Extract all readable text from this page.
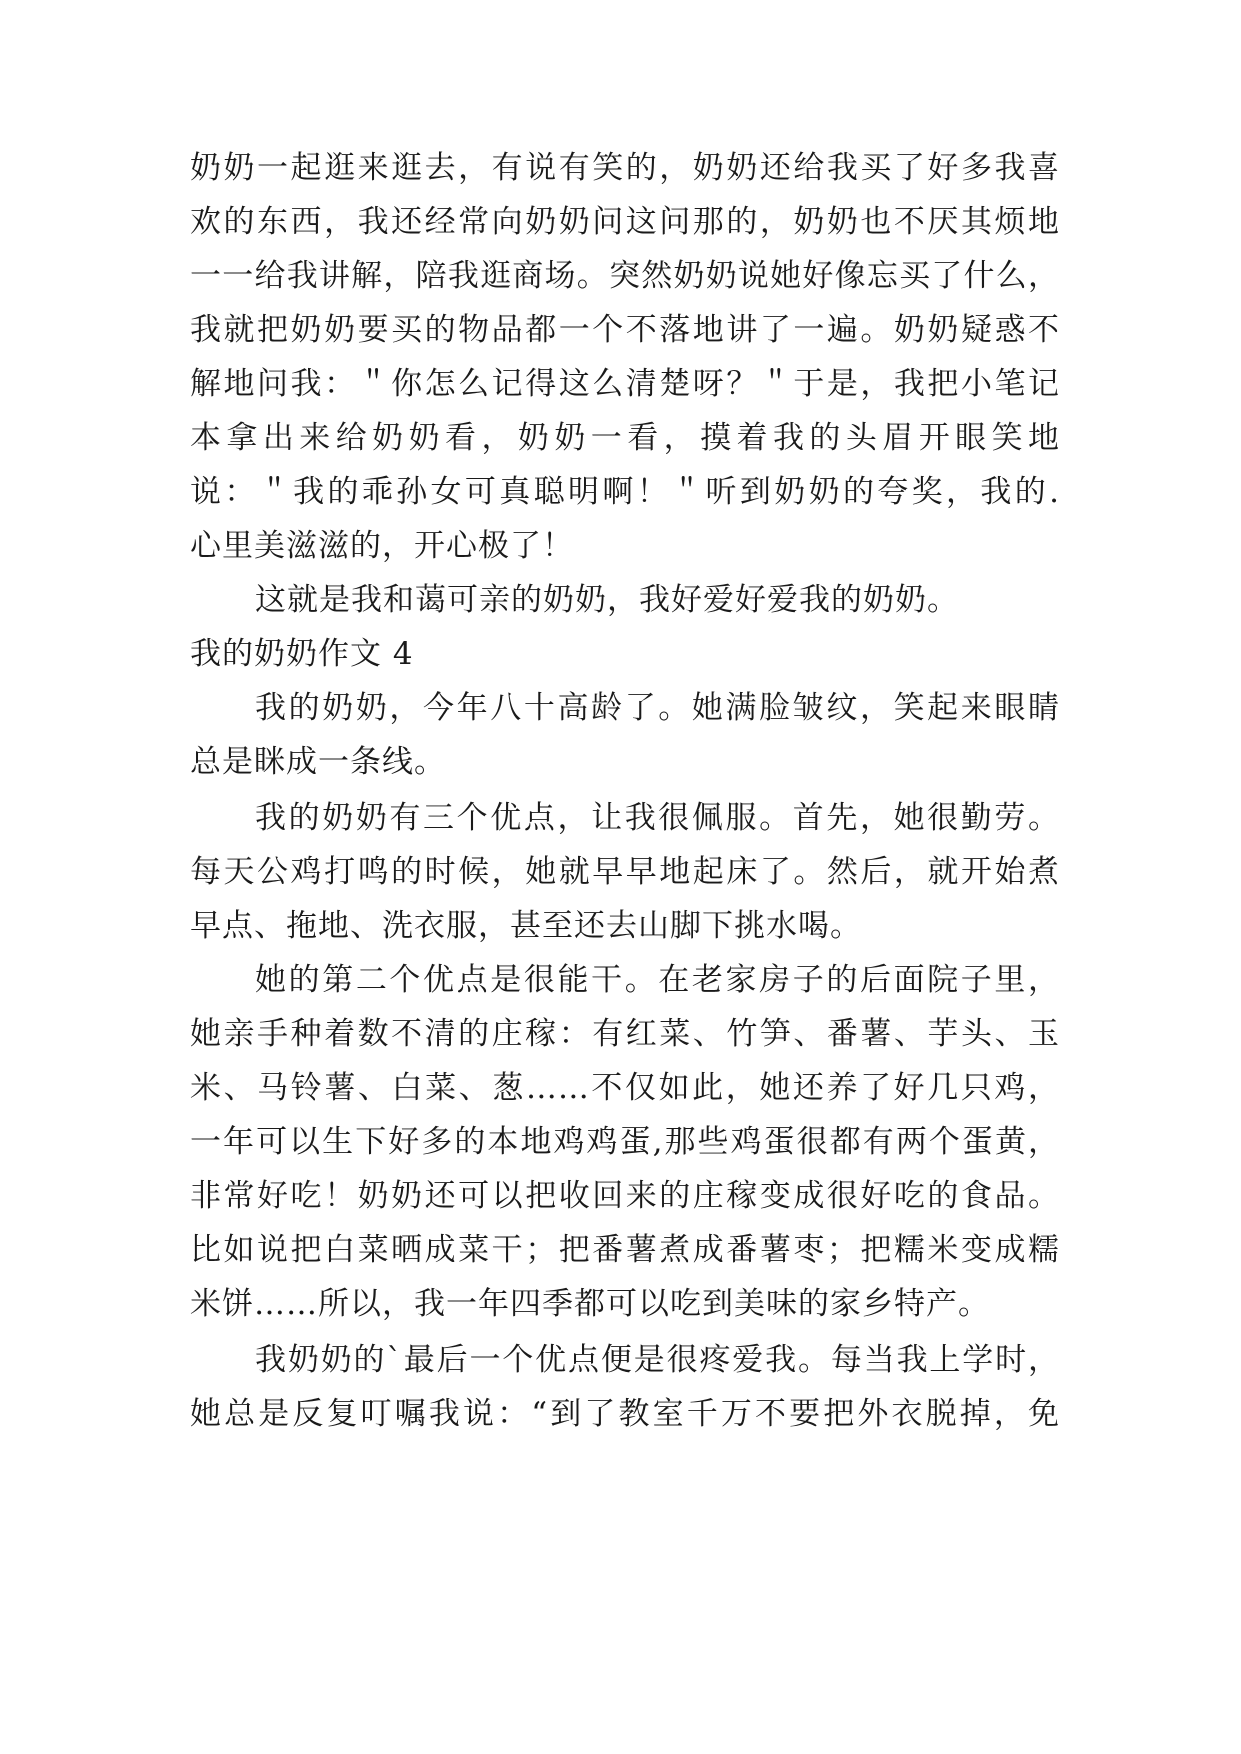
奶奶一起逛来逛去，有说有笑的，奶奶还给我买了好多我喜
欢的东西，我还经常向奶奶问这问那的，奶奶也不厌其烦地
一一给我讲解，陪我逛商场。突然奶奶说她好像忘买了什么，
我就把奶奶要买的物品都一个不落地讲了一遍。奶奶疑惑不
解地问我：＂你怎么记得这么清楚呀？＂于是，我把小笔记
本拿出来给奶奶看，奶奶一看，摸着我的头眉开眼笑地
说：＂我的乖孙女可真聪明啊！＂听到奶奶的夸奖，我的.
心里美滋滋的，开心极了！
这就是我和蔼可亲的奶奶，我好爱好爱我的奶奶。
我的奶奶作文 4
我的奶奶，今年八十高龄了。她满脸皱纹，笑起来眼睛
总是眯成一条线。
我的奶奶有三个优点，让我很佩服。首先，她很勤劳。
每天公鸡打鸣的时候，她就早早地起床了。然后，就开始煮
早点、拖地、洗衣服，甚至还去山脚下挑水喝。
她的第二个优点是很能干。在老家房子的后面院子里，
她亲手种着数不清的庄稼：有红菜、竹笋、番薯、芋头、玉
米、马铃薯、白菜、葱……不仅如此，她还养了好几只鸡，
一年可以生下好多的本地鸡鸡蛋,那些鸡蛋很都有两个蛋黄，
非常好吃！奶奶还可以把收回来的庄稼变成很好吃的食品。
比如说把白菜晒成菜干；把番薯煮成番薯枣；把糯米变成糯
米饼……所以，我一年四季都可以吃到美味的家乡特产。
我奶奶的`最后一个优点便是很疼爱我。每当我上学时，
她总是反复叮嘱我说：“到了教室千万不要把外衣脱掉，免
